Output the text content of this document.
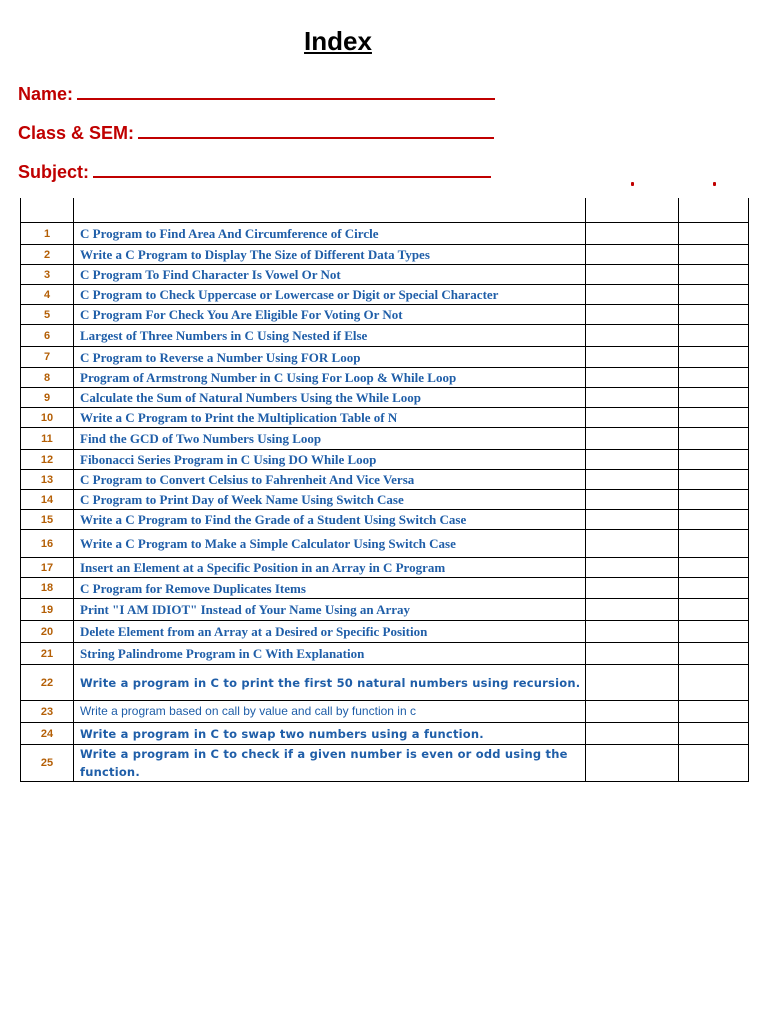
Index
Name:
Class & SEM:
Subject:

1	C Program to Find Area And Circumference of Circle		
2	Write a C Program to Display The Size of Different Data Types		
3	C Program To Find Character Is Vowel Or Not		
4	C Program to Check Uppercase or Lowercase or Digit or Special Character		
5	C Program For Check You Are Eligible For Voting Or Not		
6	Largest of Three Numbers in C Using Nested if Else		
7	C Program to Reverse a Number Using FOR Loop		
8	Program of Armstrong Number in C Using For Loop & While Loop		
9	Calculate the Sum of Natural Numbers Using the While Loop		
10	Write a C Program to Print the Multiplication Table of N		
11	Find the GCD of Two Numbers Using Loop		
12	Fibonacci Series Program in C Using DO While Loop		
13	C Program to Convert Celsius to Fahrenheit And Vice Versa		
14	C Program to Print Day of Week Name Using Switch Case		
15	Write a C Program to Find the Grade of a Student Using Switch Case		
16	Write a C Program to Make a Simple Calculator Using Switch Case		
17	Insert an Element at a Specific Position in an Array in C Program		
18	C Program for Remove Duplicates Items		
19	Print "I AM IDIOT" Instead of Your Name Using an Array		
20	Delete Element from an Array at a Desired or Specific Position		
21	String Palindrome Program in C With Explanation		
22	Write a program in C to print the first 50 natural numbers using recursion.		
23	Write a program based on call by value and call by function in c		
24	Write a program in C to swap two numbers using a function.		
25	Write a program in C to check if a given number is even or odd using the function.		
